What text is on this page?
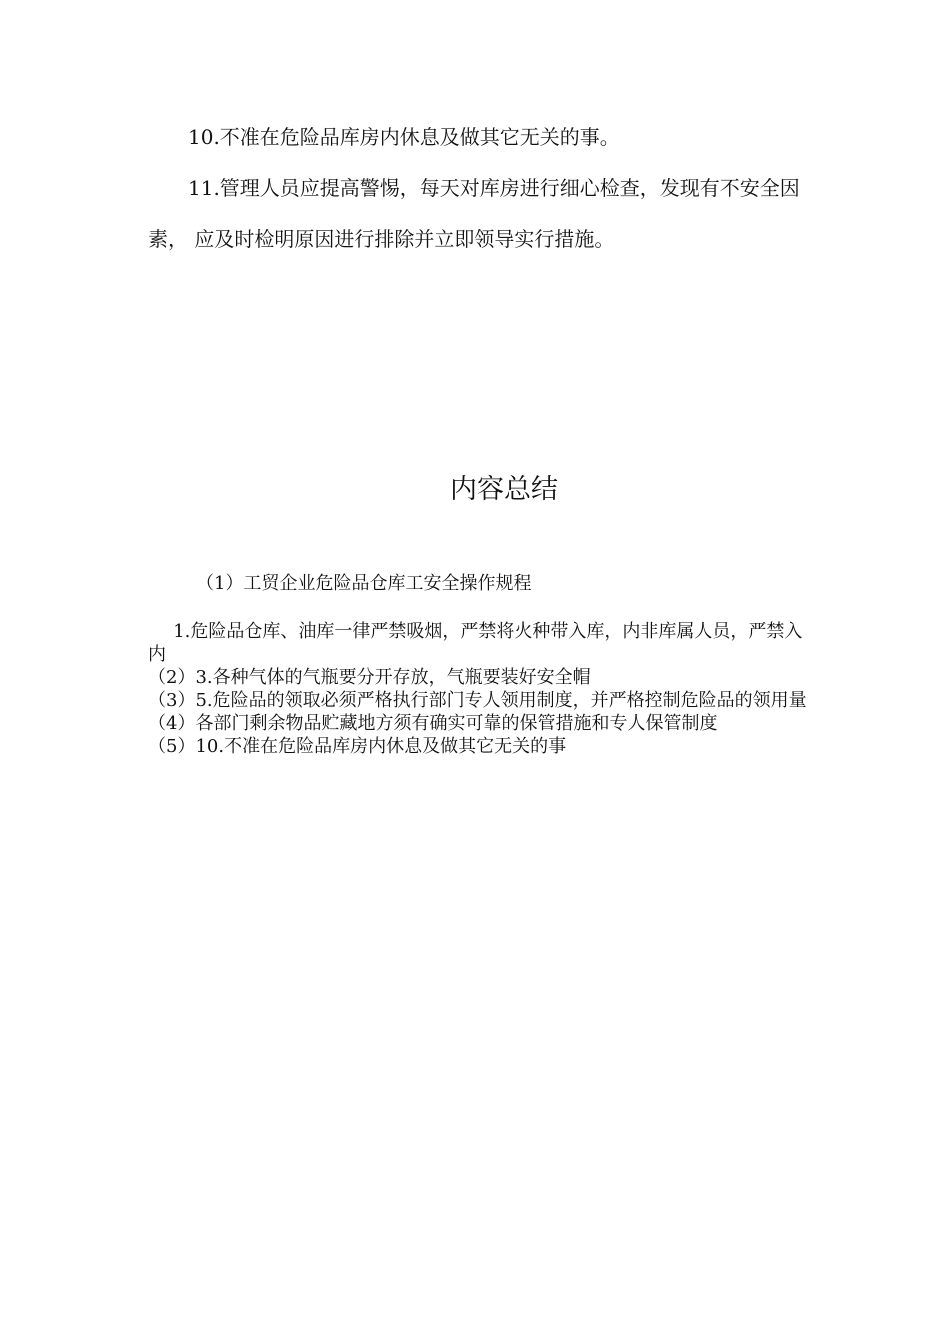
10.不准在危险品库房内休息及做其它无关的事。

11.管理人员应提高警惕，每天对库房进行细心检查，发现有不安全因素， 应及时检明原因进行排除并立即领导实行措施。

内容总结

（1）工贸企业危险品仓库工安全操作规程

1.危险品仓库、油库一律严禁吸烟，严禁将火种带入库，内非库属人员，严禁入内
（2）3.各种气体的气瓶要分开存放，气瓶要装好安全帽
（3）5.危险品的领取必须严格执行部门专人领用制度，并严格控制危险品的领用量
（4）各部门剩余物品贮藏地方须有确实可靠的保管措施和专人保管制度
（5）10.不准在危险品库房内休息及做其它无关的事
